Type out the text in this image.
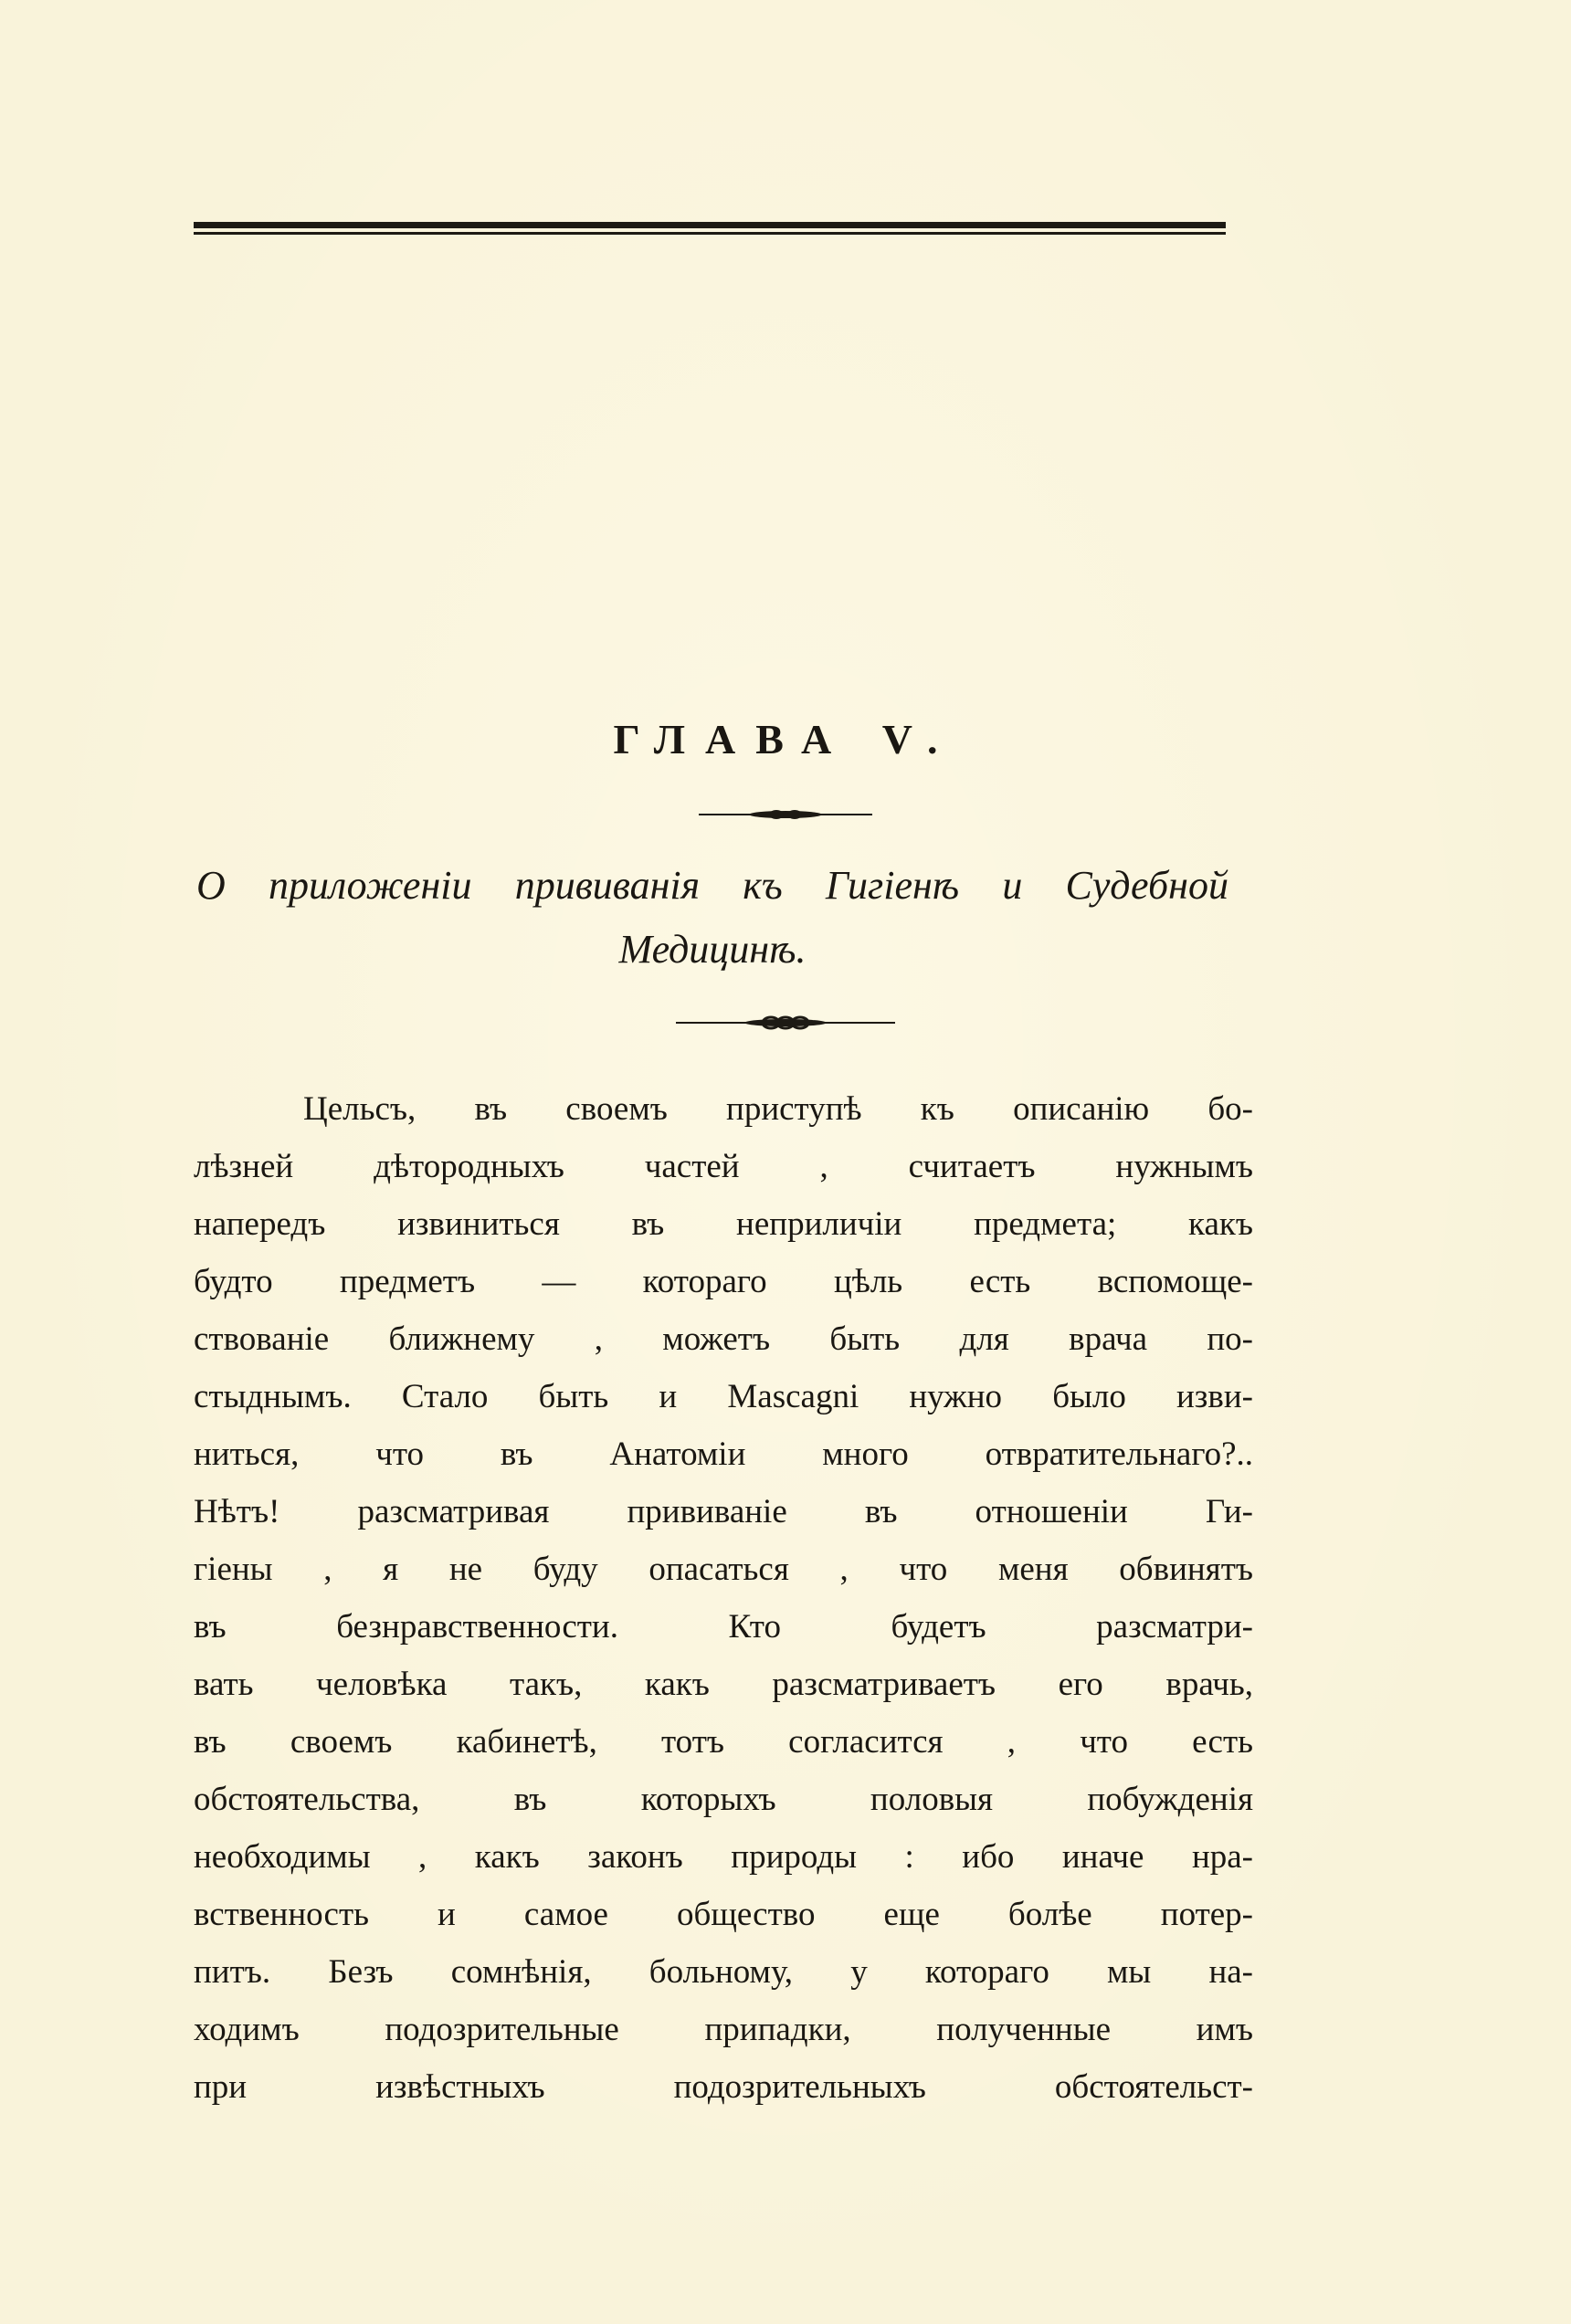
ГЛАВА V.
О приложенiи прививанiя къ Гигiенѣ и Судебной
Медицинѣ.
Цельсъ, въ своемъ приступѣ къ описанiю бо-
лѣзней дѣтородныхъ частей , считаетъ нужнымъ
напередъ извиниться въ неприличiи предмета; какъ
будто предметъ — котораго цѣль есть вспомоще-
ствованiе ближнему , можетъ быть для врача по-
стыднымъ. Стало быть и Mascagni нужно было изви-
ниться, что въ Анатомiи много отвратительнаго?..
Нѣтъ! разсматривая прививанiе въ отношенiи Ги-
гiены , я не буду опасаться , что меня обвинятъ
въ безнравственности. Кто будетъ разсматри-
вать человѣка такъ, какъ разсматриваетъ его врачь,
въ своемъ кабинетѣ, тотъ согласится , что есть
обстоятельства, въ которыхъ половыя побужденiя
необходимы , какъ законъ природы : ибо иначе нра-
вственность и самое общество еще болѣе потер-
питъ. Безъ сомнѣнiя, больному, у котораго мы на-
ходимъ подозрительные припадки, полученные имъ
при извѣстныхъ подозрительныхъ обстоятельст-
